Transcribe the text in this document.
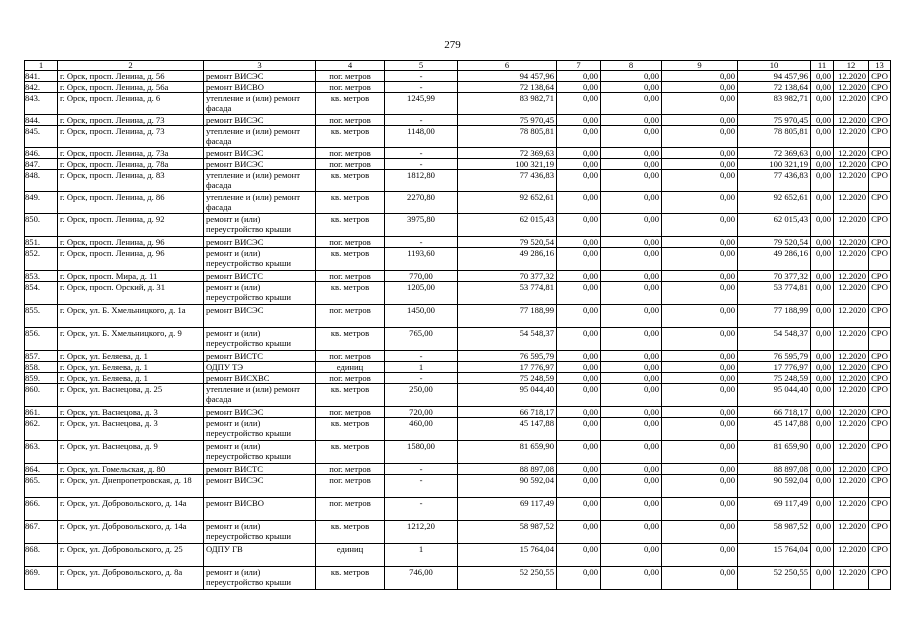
279
1	2	3	4	5	6	7	8	9	10	11	12	13
841.	г. Орск, просп. Ленина, д. 56	ремонт ВИСЭС	пог. метров	-	94 457,96	0,00	0,00	0,00	94 457,96	0,00	12.2020	СРО
842.	г. Орск, просп. Ленина, д. 56а	ремонт ВИСВО	пог. метров	-	72 138,64	0,00	0,00	0,00	72 138,64	0,00	12.2020	СРО
843.	г. Орск, просп. Ленина, д. 6	утепление и (или) ремонт фасада	кв. метров	1245,99	83 982,71	0,00	0,00	0,00	83 982,71	0,00	12.2020	СРО
844.	г. Орск, просп. Ленина, д. 73	ремонт ВИСЭС	пог. метров	-	75 970,45	0,00	0,00	0,00	75 970,45	0,00	12.2020	СРО
845.	г. Орск, просп. Ленина, д. 73	утепление и (или) ремонт фасада	кв. метров	1148,00	78 805,81	0,00	0,00	0,00	78 805,81	0,00	12.2020	СРО
846.	г. Орск, просп. Ленина, д. 73а	ремонт ВИСЭС	пог. метров	-	72 369,63	0,00	0,00	0,00	72 369,63	0,00	12.2020	СРО
847.	г. Орск, просп. Ленина, д. 78а	ремонт ВИСЭС	пог. метров	-	100 321,19	0,00	0,00	0,00	100 321,19	0,00	12.2020	СРО
848.	г. Орск, просп. Ленина, д. 83	утепление и (или) ремонт фасада	кв. метров	1812,80	77 436,83	0,00	0,00	0,00	77 436,83	0,00	12.2020	СРО
849.	г. Орск, просп. Ленина, д. 86	утепление и (или) ремонт фасада	кв. метров	2270,80	92 652,61	0,00	0,00	0,00	92 652,61	0,00	12.2020	СРО
850.	г. Орск, просп. Ленина, д. 92	ремонт и (или) переустройство крыши	кв. метров	3975,80	62 015,43	0,00	0,00	0,00	62 015,43	0,00	12.2020	СРО
851.	г. Орск, просп. Ленина, д. 96	ремонт ВИСЭС	пог. метров	-	79 520,54	0,00	0,00	0,00	79 520,54	0,00	12.2020	СРО
852.	г. Орск, просп. Ленина, д. 96	ремонт и (или) переустройство крыши	кв. метров	1193,60	49 286,16	0,00	0,00	0,00	49 286,16	0,00	12.2020	СРО
853.	г. Орск, просп. Мира, д. 11	ремонт ВИСТС	пог. метров	770,00	70 377,32	0,00	0,00	0,00	70 377,32	0,00	12.2020	СРО
854.	г. Орск, просп. Орский, д. 31	ремонт и (или) переустройство крыши	кв. метров	1205,00	53 774,81	0,00	0,00	0,00	53 774,81	0,00	12.2020	СРО
855.	г. Орск, ул. Б. Хмельницкого, д. 1а	ремонт ВИСЭС	пог. метров	1450,00	77 188,99	0,00	0,00	0,00	77 188,99	0,00	12.2020	СРО
856.	г. Орск, ул. Б. Хмельницкого, д. 9	ремонт и (или) переустройство крыши	кв. метров	765,00	54 548,37	0,00	0,00	0,00	54 548,37	0,00	12.2020	СРО
857.	г. Орск, ул. Беляева, д. 1	ремонт ВИСТС	пог. метров	-	76 595,79	0,00	0,00	0,00	76 595,79	0,00	12.2020	СРО
858.	г. Орск, ул. Беляева, д. 1	ОДПУ ТЭ	единиц	1	17 776,97	0,00	0,00	0,00	17 776,97	0,00	12.2020	СРО
859.	г. Орск, ул. Беляева, д. 1	ремонт ВИСХВС	пог. метров	-	75 248,59	0,00	0,00	0,00	75 248,59	0,00	12.2020	СРО
860.	г. Орск, ул. Васнецова, д. 25	утепление и (или) ремонт фасада	кв. метров	250,00	95 044,40	0,00	0,00	0,00	95 044,40	0,00	12.2020	СРО
861.	г. Орск, ул. Васнецова, д. 3	ремонт ВИСЭС	пог. метров	720,00	66 718,17	0,00	0,00	0,00	66 718,17	0,00	12.2020	СРО
862.	г. Орск, ул. Васнецова, д. 3	ремонт и (или) переустройство крыши	кв. метров	460,00	45 147,88	0,00	0,00	0,00	45 147,88	0,00	12.2020	СРО
863.	г. Орск, ул. Васнецова, д. 9	ремонт и (или) переустройство крыши	кв. метров	1580,00	81 659,90	0,00	0,00	0,00	81 659,90	0,00	12.2020	СРО
864.	г. Орск, ул. Гомельская, д. 80	ремонт ВИСТС	пог. метров	-	88 897,08	0,00	0,00	0,00	88 897,08	0,00	12.2020	СРО
865.	г. Орск, ул. Днепропетровская, д. 18	ремонт ВИСЭС	пог. метров	-	90 592,04	0,00	0,00	0,00	90 592,04	0,00	12.2020	СРО
866.	г. Орск, ул. Добровольского, д. 14а	ремонт ВИСВО	пог. метров	-	69 117,49	0,00	0,00	0,00	69 117,49	0,00	12.2020	СРО
867.	г. Орск, ул. Добровольского, д. 14а	ремонт и (или) переустройство крыши	кв. метров	1212,20	58 987,52	0,00	0,00	0,00	58 987,52	0,00	12.2020	СРО
868.	г. Орск, ул. Добровольского, д. 25	ОДПУ ГВ	единиц	1	15 764,04	0,00	0,00	0,00	15 764,04	0,00	12.2020	СРО
869.	г. Орск, ул. Добровольского, д. 8а	ремонт и (или) переустройство крыши	кв. метров	746,00	52 250,55	0,00	0,00	0,00	52 250,55	0,00	12.2020	СРО
